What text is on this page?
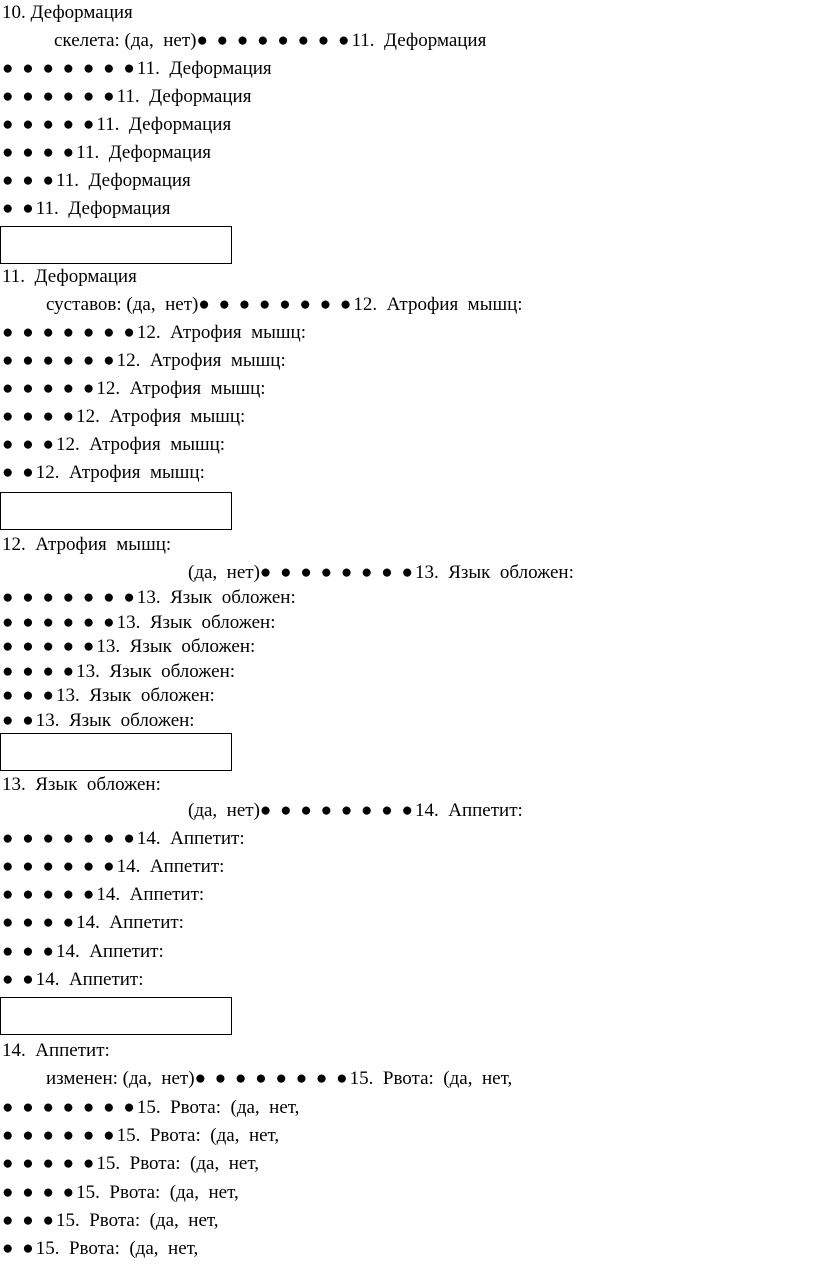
10. Деформация
скелета: (да,  нет)● ● ● ● ● ● ● ●11.  Деформация
● ● ● ● ● ● ●11.  Деформация
● ● ● ● ● ●11.  Деформация
● ● ● ● ●11.  Деформация
● ● ● ●11.  Деформация
● ● ●11.  Деформация
● ●11.  Деформация
11.  Деформация
суставов: (да,  нет)● ● ● ● ● ● ● ●12.  Атрофия  мышц:
● ● ● ● ● ● ●12.  Атрофия  мышц:
● ● ● ● ● ●12.  Атрофия  мышц:
● ● ● ● ●12.  Атрофия  мышц:
● ● ● ●12.  Атрофия  мышц:
● ● ●12.  Атрофия  мышц:
● ●12.  Атрофия  мышц:
12.  Атрофия  мышц:
(да,  нет)● ● ● ● ● ● ● ●13.  Язык  обложен:
● ● ● ● ● ● ●13.  Язык  обложен:
● ● ● ● ● ●13.  Язык  обложен:
● ● ● ● ●13.  Язык  обложен:
● ● ● ●13.  Язык  обложен:
● ● ●13.  Язык  обложен:
● ●13.  Язык  обложен:
13.  Язык  обложен:
(да,  нет)● ● ● ● ● ● ● ●14.  Аппетит:
● ● ● ● ● ● ●14.  Аппетит:
● ● ● ● ● ●14.  Аппетит:
● ● ● ● ●14.  Аппетит:
● ● ● ●14.  Аппетит:
● ● ●14.  Аппетит:
● ●14.  Аппетит:
14.  Аппетит:
изменен: (да,  нет)● ● ● ● ● ● ● ●15.  Рвота:  (да,  нет,
● ● ● ● ● ● ●15.  Рвота:  (да,  нет,
● ● ● ● ● ●15.  Рвота:  (да,  нет,
● ● ● ● ●15.  Рвота:  (да,  нет,
● ● ● ●15.  Рвота:  (да,  нет,
● ● ●15.  Рвота:  (да,  нет,
● ●15.  Рвота:  (да,  нет,
